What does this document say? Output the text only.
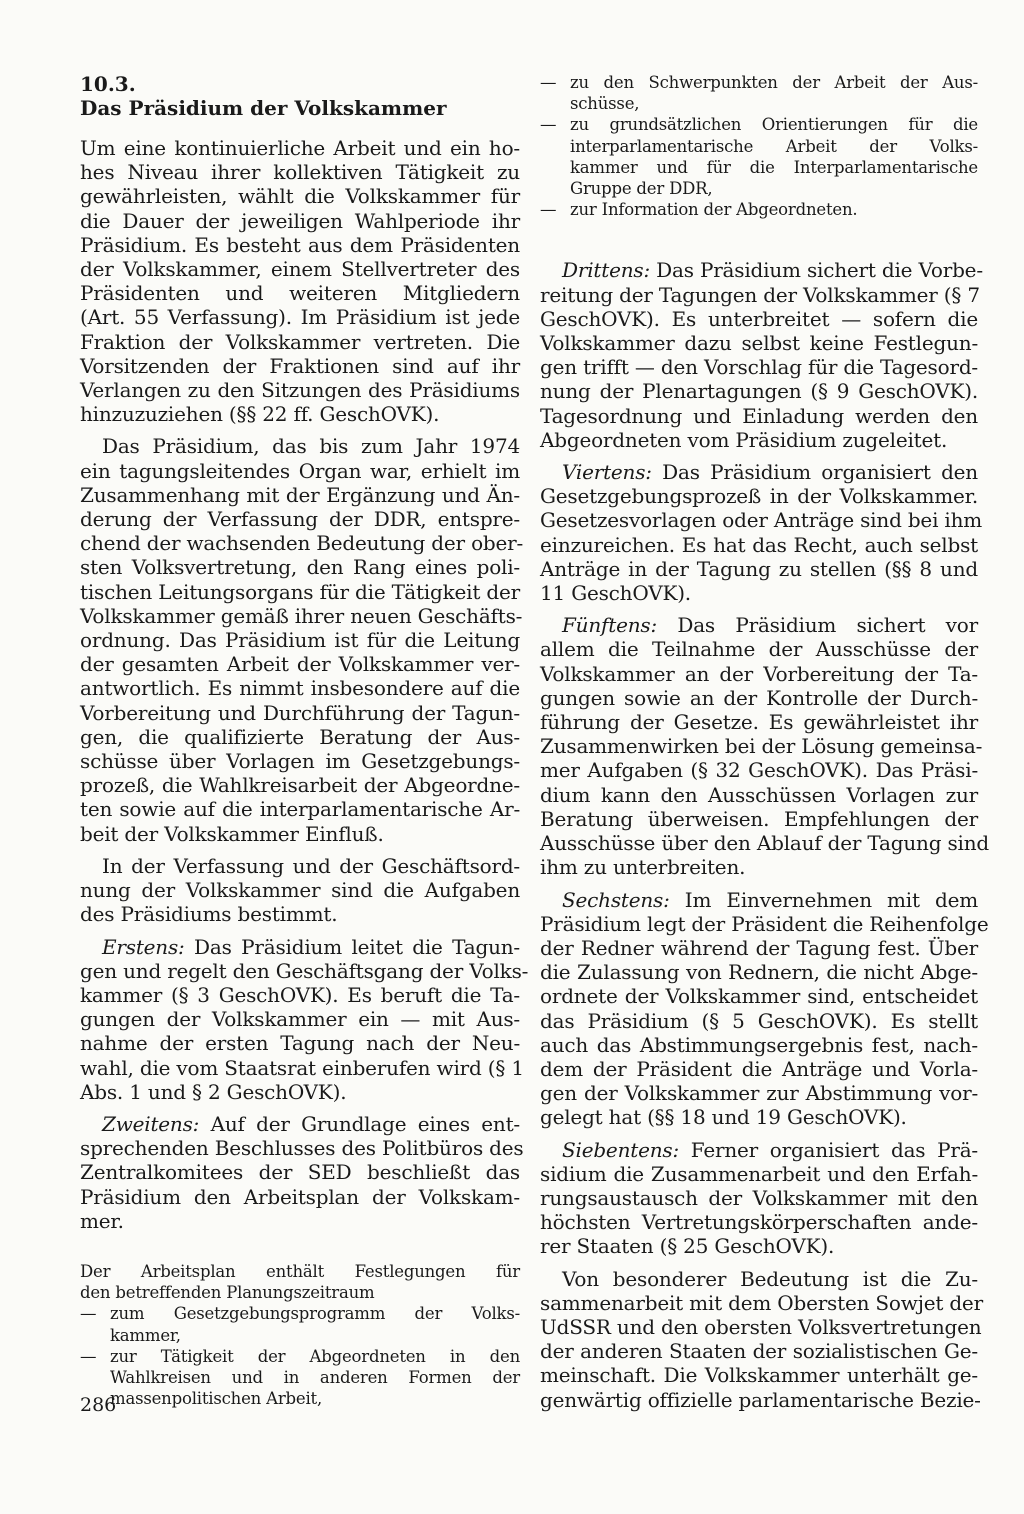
10.3.
Das Präsidium der Volkskammer
Um eine kontinuierliche Arbeit und ein ho-
hes Niveau ihrer kollektiven Tätigkeit zu
gewährleisten, wählt die Volkskammer für
die Dauer der jeweiligen Wahlperiode ihr
Präsidium. Es besteht aus dem Präsidenten
der Volkskammer, einem Stellvertreter des
Präsidenten und weiteren Mitgliedern
(Art. 55 Verfassung). Im Präsidium ist jede
Fraktion der Volkskammer vertreten. Die
Vorsitzenden der Fraktionen sind auf ihr
Verlangen zu den Sitzungen des Präsidiums
hinzuzuziehen (§§ 22 ff. GeschOVK).
Das Präsidium, das bis zum Jahr 1974
ein tagungsleitendes Organ war, erhielt im
Zusammenhang mit der Ergänzung und Än-
derung der Verfassung der DDR, entspre-
chend der wachsenden Bedeutung der ober-
sten Volksvertretung, den Rang eines poli-
tischen Leitungsorgans für die Tätigkeit der
Volkskammer gemäß ihrer neuen Geschäfts-
ordnung. Das Präsidium ist für die Leitung
der gesamten Arbeit der Volkskammer ver-
antwortlich. Es nimmt insbesondere auf die
Vorbereitung und Durchführung der Tagun-
gen, die qualifizierte Beratung der Aus-
schüsse über Vorlagen im Gesetzgebungs-
prozeß, die Wahlkreisarbeit der Abgeordne-
ten sowie auf die interparlamentarische Ar-
beit der Volkskammer Einfluß.
In der Verfassung und der Geschäftsord-
nung der Volkskammer sind die Aufgaben
des Präsidiums bestimmt.
Erstens: Das Präsidium leitet die Tagun-
gen und regelt den Geschäftsgang der Volks-
kammer (§ 3 GeschOVK). Es beruft die Ta-
gungen der Volkskammer ein — mit Aus-
nahme der ersten Tagung nach der Neu-
wahl, die vom Staatsrat einberufen wird (§ 1
Abs. 1 und § 2 GeschOVK).
Zweitens: Auf der Grundlage eines ent-
sprechenden Beschlusses des Politbüros des
Zentralkomitees der SED beschließt das
Präsidium den Arbeitsplan der Volkskam-
mer.
Der Arbeitsplan enthält Festlegungen für
den betreffenden Planungszeitraum
— zum Gesetzgebungsprogramm der Volks-
kammer,
— zur Tätigkeit der Abgeordneten in den
Wahlkreisen und in anderen Formen der
massenpolitischen Arbeit,
— zu den Schwerpunkten der Arbeit der Aus-
schüsse,
— zu grundsätzlichen Orientierungen für die
interparlamentarische Arbeit der Volks-
kammer und für die Interparlamentarische
Gruppe der DDR,
— zur Information der Abgeordneten.
Drittens: Das Präsidium sichert die Vorbe-
reitung der Tagungen der Volkskammer (§ 7
GeschOVK). Es unterbreitet — sofern die
Volkskammer dazu selbst keine Festlegun-
gen trifft — den Vorschlag für die Tagesord-
nung der Plenartagungen (§ 9 GeschOVK).
Tagesordnung und Einladung werden den
Abgeordneten vom Präsidium zugeleitet.
Viertens: Das Präsidium organisiert den
Gesetzgebungsprozeß in der Volkskammer.
Gesetzesvorlagen oder Anträge sind bei ihm
einzureichen. Es hat das Recht, auch selbst
Anträge in der Tagung zu stellen (§§ 8 und
11 GeschOVK).
Fünftens: Das Präsidium sichert vor
allem die Teilnahme der Ausschüsse der
Volkskammer an der Vorbereitung der Ta-
gungen sowie an der Kontrolle der Durch-
führung der Gesetze. Es gewährleistet ihr
Zusammenwirken bei der Lösung gemeinsa-
mer Aufgaben (§ 32 GeschOVK). Das Präsi-
dium kann den Ausschüssen Vorlagen zur
Beratung überweisen. Empfehlungen der
Ausschüsse über den Ablauf der Tagung sind
ihm zu unterbreiten.
Sechstens: Im Einvernehmen mit dem
Präsidium legt der Präsident die Reihenfolge
der Redner während der Tagung fest. Über
die Zulassung von Rednern, die nicht Abge-
ordnete der Volkskammer sind, entscheidet
das Präsidium (§ 5 GeschOVK). Es stellt
auch das Abstimmungsergebnis fest, nach-
dem der Präsident die Anträge und Vorla-
gen der Volkskammer zur Abstimmung vor-
gelegt hat (§§ 18 und 19 GeschOVK).
Siebentens: Ferner organisiert das Prä-
sidium die Zusammenarbeit und den Erfah-
rungsaustausch der Volkskammer mit den
höchsten Vertretungskörperschaften ande-
rer Staaten (§ 25 GeschOVK).
Von besonderer Bedeutung ist die Zu-
sammenarbeit mit dem Obersten Sowjet der
UdSSR und den obersten Volksvertretungen
der anderen Staaten der sozialistischen Ge-
meinschaft. Die Volkskammer unterhält ge-
genwärtig offizielle parlamentarische Bezie-
286
